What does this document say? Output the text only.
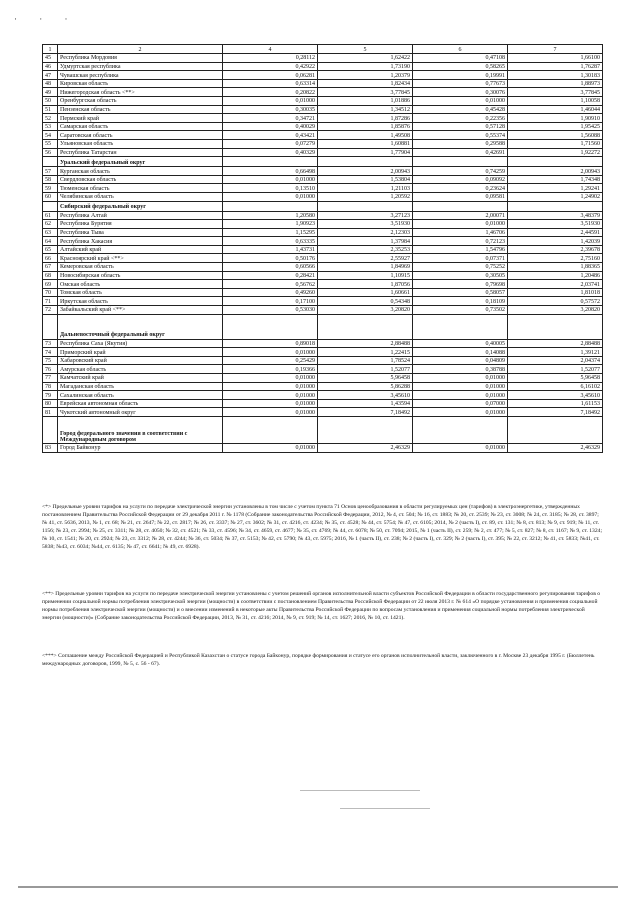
· · ·
1	2	4	5	6	7
45	Республика Мордовия	0,28112	1,62422	0,47108	1,66100
46	Удмуртская республика	0,42922	1,73190	0,58265	1,76287
47	Чувашская республика	0,06281	1,20379	0,19991	1,30183
48	Кировская область	0,63314	1,82434	0,77673	1,88973
49	Нижегородская область <**>	0,20822	3,77845	0,30076	3,77845
50	Оренбургская область	0,01000	1,01886	0,01000	1,10058
51	Пензенская область	0,30035	1,34512	0,45428	1,46044
52	Пермский край	0,34721	1,87286	0,22356	1,90910
53	Самарская область	0,40029	1,85876	0,57128	1,95425
54	Саратовская область	0,43421	1,49508	0,55374	1,56088
55	Ульяновская область	0,07279	1,60881	0,29588	1,71560
56	Республика Татарстан	0,40329	1,77904	0,42691	1,92272
	Уральский федеральный округ				
57	Курганская область	0,66498	2,00943	0,74259	2,00943
58	Свердловская область	0,01000	1,53804	0,09092	1,74348
59	Тюменская область	0,13510	1,21103	0,23624	1,29241
60	Челябинская область	0,01000	1,20592	0,09581	1,24902
	Сибирский федеральный округ				
61	Республика Алтай	1,20580	3,27123	2,00071	3,48379
62	Республика Бурятия	1,90923	3,51930	0,01000	3,51930
63	Республика Тыва	1,15295	2,12303	1,46706	2,44591
64	Республика Хакасия	0,63335	1,37984	0,72123	1,42039
65	Алтайский край	1,43731	2,35253	1,54796	2,39678
66	Красноярский край <**>	0,50176	2,55927	0,07371	2,75160
67	Кемеровская область	0,60566	1,84969	0,75252	1,88365
68	Новосибирская область	0,28421	1,10915	0,30505	1,20486
69	Омская область	0,56762	1,87056	0,79698	2,03741
70	Томская область	0,49260	1,60661	0,58057	1,81018
71	Иркутская область	0,17100	0,54348	0,18109	0,57572
72	Забайкальский край <**>	0,53030	3,20820	0,73502	3,20820
	Дальневосточный федеральный округ				
73	Республика Саха (Якутия)	0,89018	2,88488	0,40005	2,88488
74	Приморский край	0,01000	1,22415	0,14088	1,39121
75	Хабаровский край	0,25429	1,78524	0,04809	2,04374
76	Амурская область	0,19366	1,52077	0,38788	1,52077
77	Камчатский край	0,01000	5,96458	0,01000	5,96458
78	Магаданская область	0,01000	5,86288	0,01000	6,16102
79	Сахалинская область	0,01000	3,45610	0,01000	3,45610
80	Еврейская автономная область	0,01000	1,43594	0,07000	1,61153
81	Чукотский автономный округ	0,01000	7,18492	0,01000	7,18492
	Город федерального значения в соответствии с Международным договором				
83	Город Байконур	0,01000	2,46329	0,01000	2,46329

<*> Предельные уровни тарифов на услуги по передаче электрической энергии установлены в том числе с учетом пункта 71 Основ ценообразования в области регулируемых цен (тарифов) в электроэнергетике, утвержденных постановлением Правительства Российской Федерации от 29 декабря 2011 г. № 1178 (Собрание законодательства Российской Федерации, 2012, № 4, ст. 504; № 16, ст. 1883; № 20, ст. 2539; № 23, ст. 3008; № 24, ст. 3185; № 28, ст. 3897; № 41, ст. 5636, 2013, № 1, ст. 68; № 21, ст. 2647; № 22, ст. 2817; № 26, ст. 3337; № 27, ст. 3602; № 31, ст. 4216, ст. 4234; № 35, ст. 4528; № 44, ст. 5754; № 47, ст. 6105; 2014, № 2 (часть I), ст. 89, ст. 131; № 8, ст. 813; № 9, ст. 919; № 11, ст. 1156; № 23, ст. 2994; № 25, ст. 3311; № 28, ст. 4050; № 32, ст. 4521; № 33, ст. 4596; № 34, ст. 4659, ст. 4677; № 35, ст. 4769; № 44, ст. 6078; № 50, ст. 7094; 2015, № 1 (часть II), ст. 259; № 2, ст. 477; № 5, ст. 827; № 8, ст. 1167; № 9, ст. 1324; № 10, ст. 1541; № 20, ст. 2924; № 23, ст. 3312; № 28, ст. 4244; № 36, ст. 5034; № 37, ст. 5153; № 42, ст. 5790; № 43, ст. 5975; 2016, № 1 (часть II), ст. 238; № 2 (часть I), ст. 329; № 2 (часть I), ст. 395; № 22, ст. 3212; № 41, ст. 5833; №41, ст. 5838; №43, ст. 6034; №44, ст. 6135; № 47, ст. 6641; № 49, ст. 6928).

<**> Предельные уровни тарифов на услуги по передаче электрической энергии установлены с учетом решений органов исполнительной власти субъектов Российской Федерации в области государственного регулирования тарифов о применении социальной нормы потребления электрической энергии (мощности) в соответствии с постановлением Правительства Российской Федерации от 22 июля 2013 г. № 614 «О порядке установления и применения социальной нормы потребления электрической энергии (мощности) и о внесении изменений в некоторые акты Правительства Российской Федерации по вопросам установления и применения социальной нормы потребления электрической энергии (мощности)» (Собрание законодательства Российской Федерации, 2013, № 31, ст. 4216; 2014, № 9, ст. 919; № 14, ст. 1627; 2016, № 10, ст. 1421).

<***> Соглашение между Российской Федерацией и Республикой Казахстан о статусе города Байконур, порядке формирования и статусе его органов исполнительной власти, заключенного в г. Москве 23 декабря 1995 г. (Бюллетень международных договоров, 1999, № 5, с. 56 - 67).
